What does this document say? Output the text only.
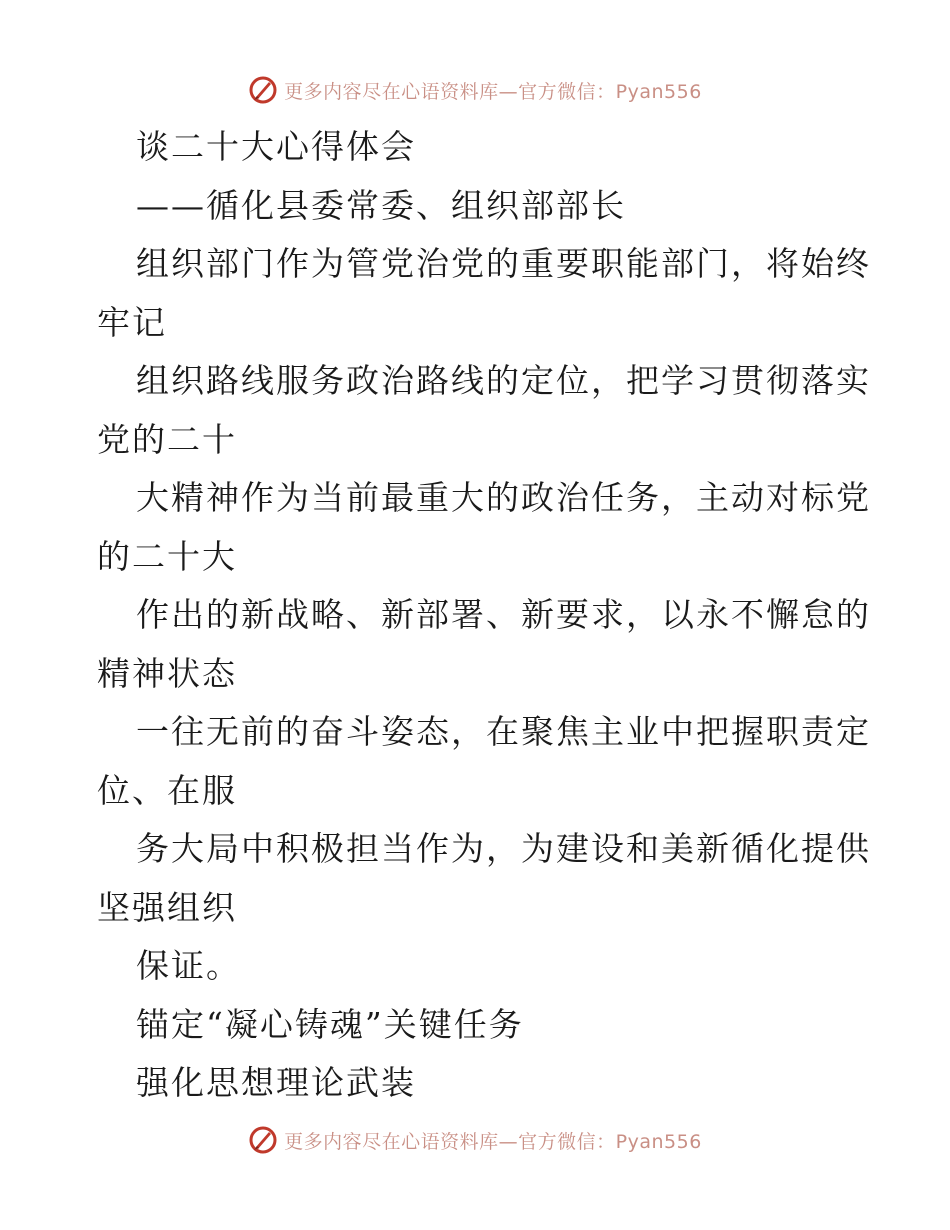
更多内容尽在心语资料库—官方微信：Pyan556
谈二十大心得体会
——循化县委常委、组织部部长
组织部门作为管党治党的重要职能部门，将始终
牢记
组织路线服务政治路线的定位，把学习贯彻落实
党的二十
大精神作为当前最重大的政治任务，主动对标党
的二十大
作出的新战略、新部署、新要求，以永不懈怠的
精神状态
一往无前的奋斗姿态，在聚焦主业中把握职责定
位、在服
务大局中积极担当作为，为建设和美新循化提供
坚强组织
保证。
锚定“凝心铸魂”关键任务
强化思想理论武装
更多内容尽在心语资料库—官方微信：Pyan556
